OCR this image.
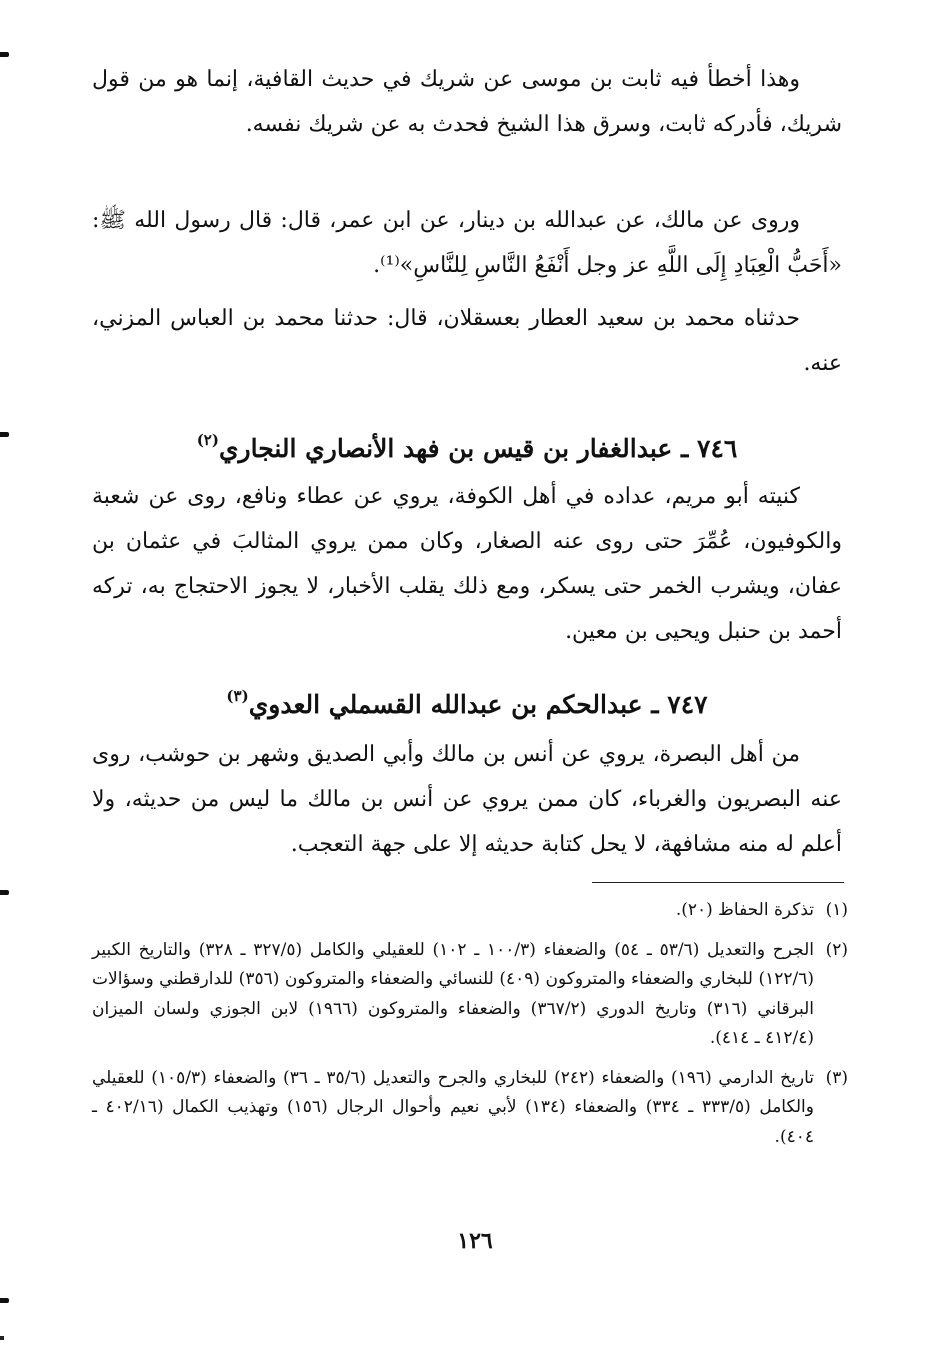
وهذا أخطأ فيه ثابت بن موسى عن شريك في حديث القافية، إنما هو من قول شريك، فأدركه ثابت، وسرق هذا الشيخ فحدث به عن شريك نفسه.

وروى عن مالك، عن عبدالله بن دينار، عن ابن عمر، قال: قال رسول الله ﷺ: «أَحَبُّ الْعِبَادِ إِلَى اللَّهِ عز وجل أَنْفَعُ النَّاسِ لِلنَّاسِ»⁽¹⁾.

حدثناه محمد بن سعيد العطار بعسقلان، قال: حدثنا محمد بن العباس المزني، عنه.

٧٤٦ ـ عبدالغفار بن قيس بن فهد الأنصاري النجاري$^{(٢)}$

كنيته أبو مريم، عداده في أهل الكوفة، يروي عن عطاء ونافع، روى عن شعبة والكوفيون، عُمِّرَ حتى روى عنه الصغار، وكان ممن يروي المثالبَ في عثمان بن عفان، ويشرب الخمر حتى يسكر، ومع ذلك يقلب الأخبار، لا يجوز الاحتجاج به، تركه أحمد بن حنبل ويحيى بن معين.

٧٤٧ ـ عبدالحكم بن عبدالله القسملي العدوي$^{(٣)}$

من أهل البصرة، يروي عن أنس بن مالك وأبي الصديق وشهر بن حوشب، روى عنه البصريون والغرباء، كان ممن يروي عن أنس بن مالك ما ليس من حديثه، ولا أعلم له منه مشافهة، لا يحل كتابة حديثه إلا على جهة التعجب.

(١)
تذكرة الحفاظ (٢٠).
(٢)
الجرح والتعديل (٥٣/٦ ـ ٥٤) والضعفاء (١٠٠/٣ ـ ١٠٢) للعقيلي والكامل (٣٢٧/٥ ـ ٣٢٨) والتاريخ الكبير (١٢٢/٦) للبخاري والضعفاء والمتروكون (٤٠٩) للنسائي والضعفاء والمتروكون (٣٥٦) للدارقطني وسؤالات البرقاني (٣١٦) وتاريخ الدوري (٣٦٧/٢) والضعفاء والمتروكون (١٩٦٦) لابن الجوزي ولسان الميزان (٤١٢/٤ ـ ٤١٤).
(٣)
تاريخ الدارمي (١٩٦) والضعفاء (٢٤٢) للبخاري والجرح والتعديل (٣٥/٦ ـ ٣٦) والضعفاء (١٠٥/٣) للعقيلي والكامل (٣٣٣/٥ ـ ٣٣٤) والضعفاء (١٣٤) لأبي نعيم وأحوال الرجال (١٥٦) وتهذيب الكمال (٤٠٢/١٦ ـ ٤٠٤).
١٢٦
